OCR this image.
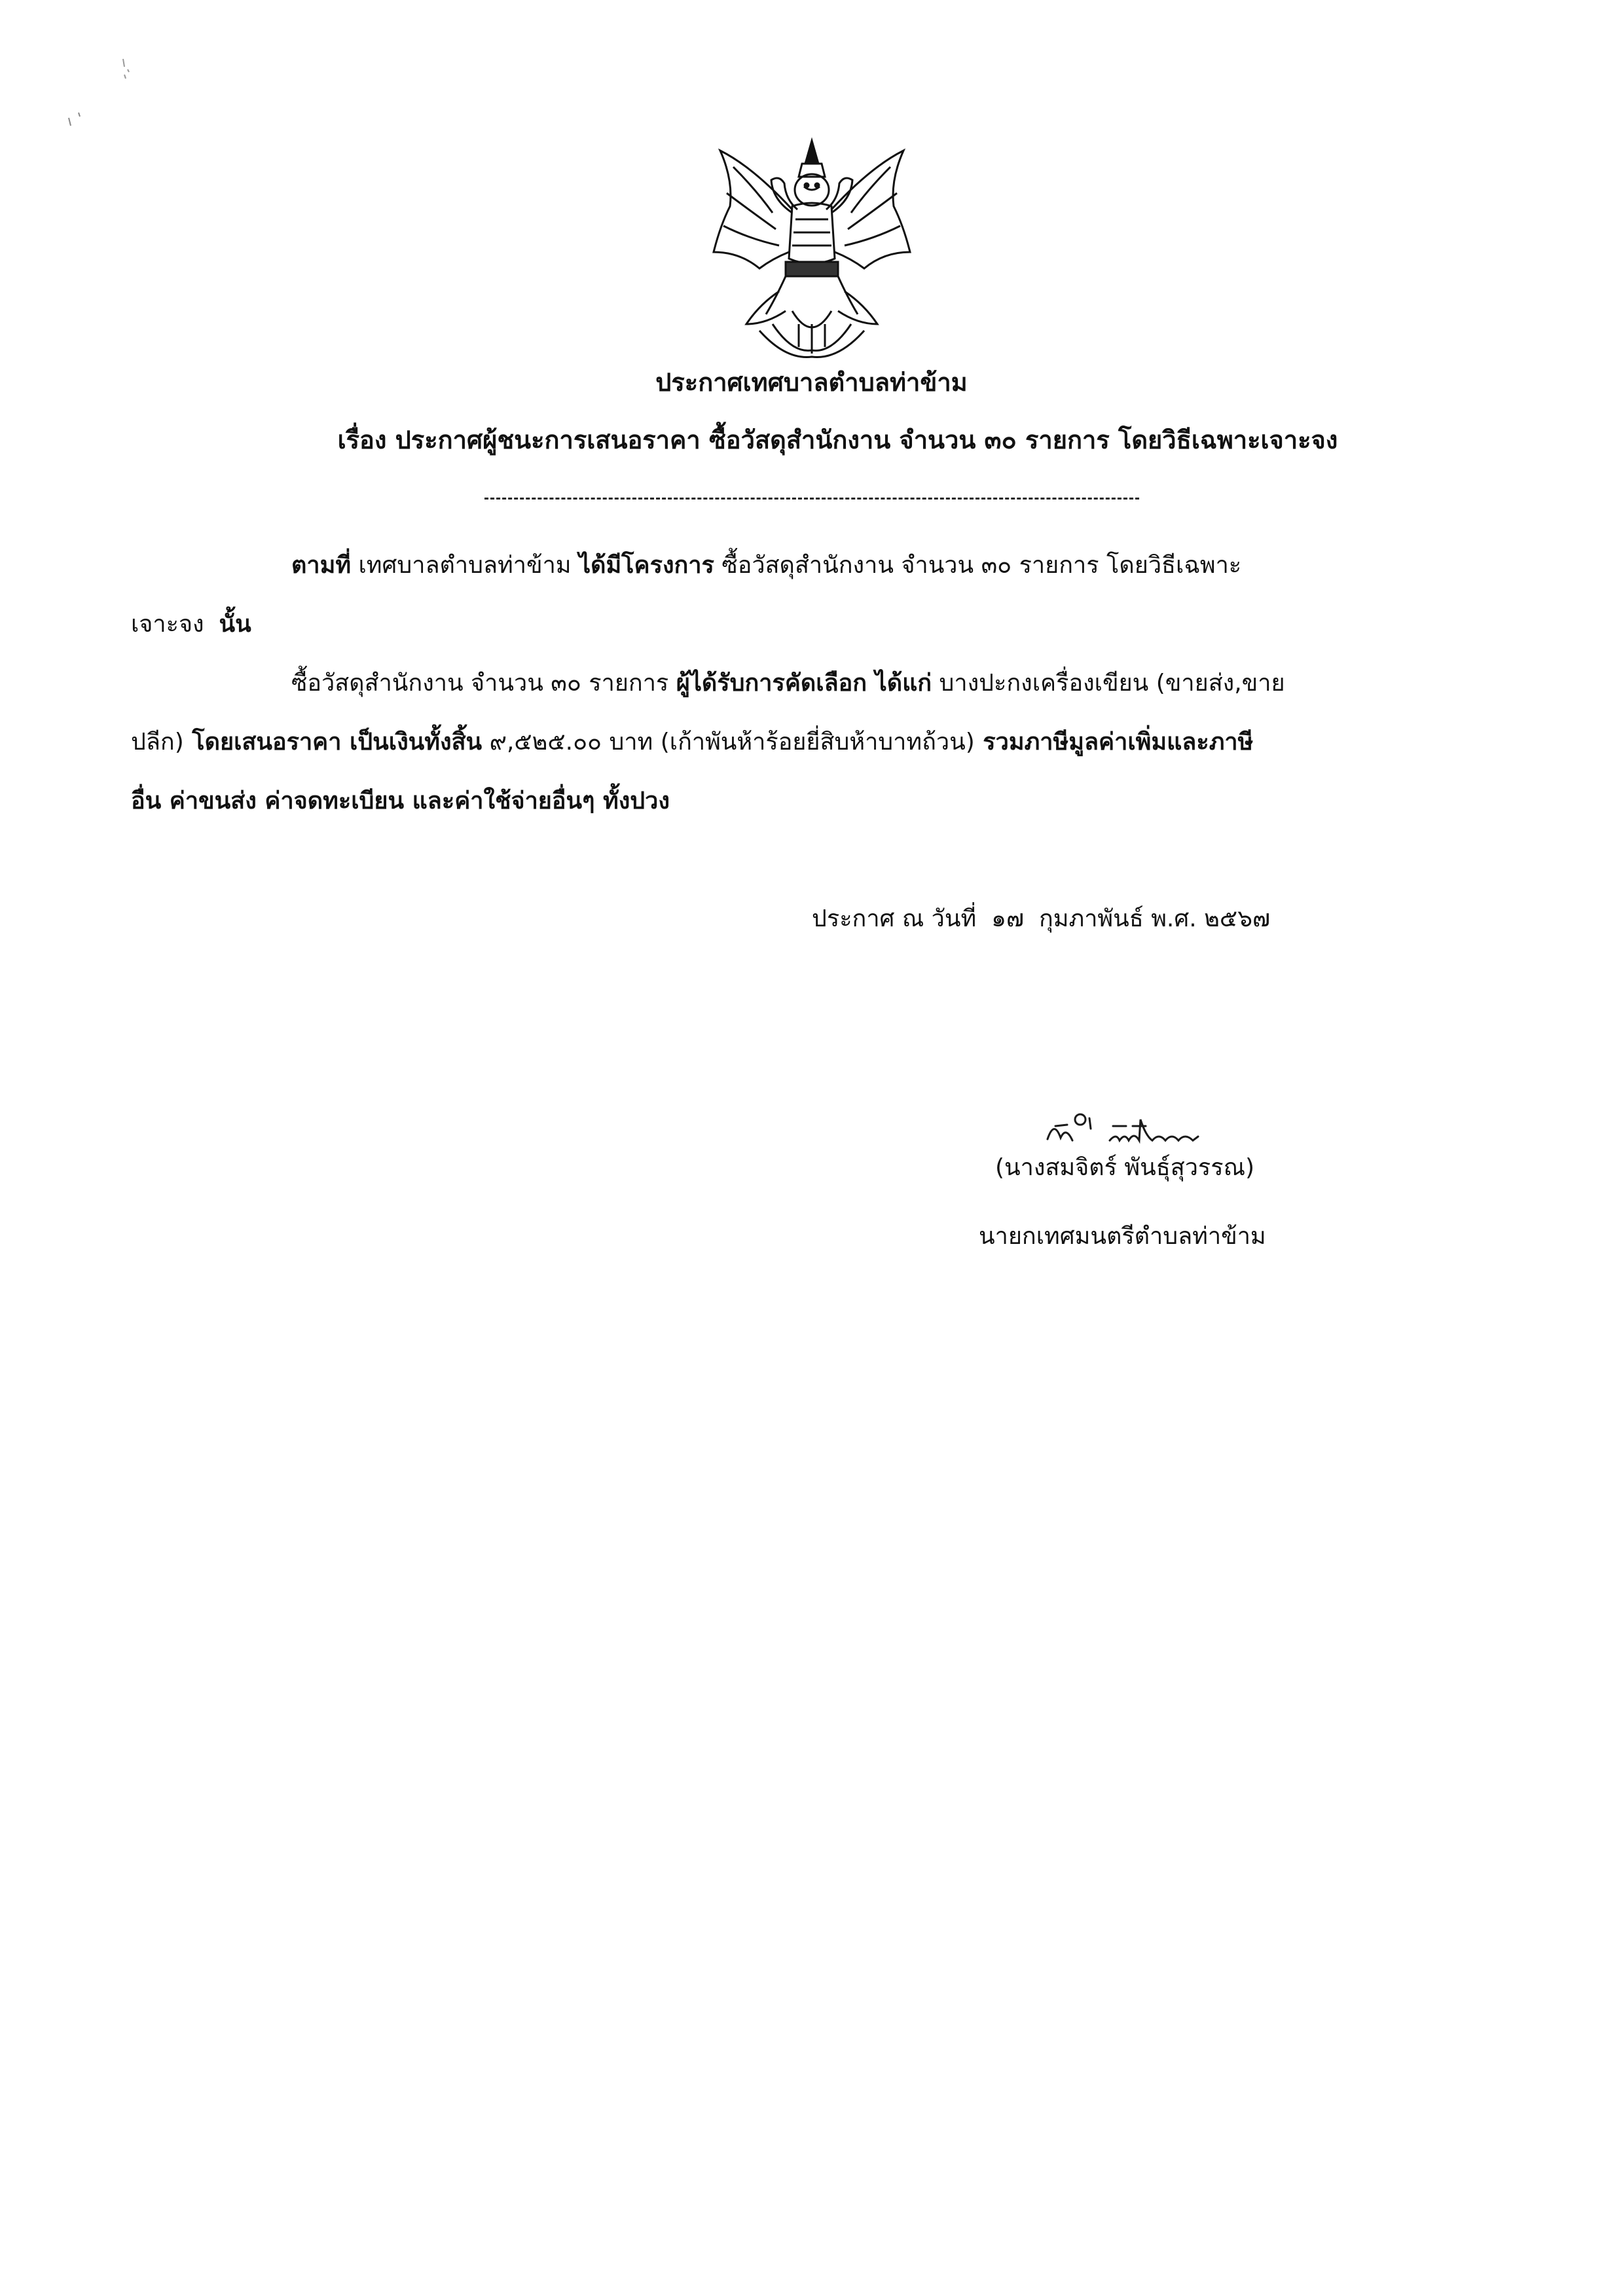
ประกาศเทศบาลตำบลท่าข้าม
เรื่อง ประกาศผู้ชนะการเสนอราคา ซื้อวัสดุสำนักงาน จำนวน ๓๐ รายการ โดยวิธีเฉพาะเจาะจง
ตามที่ เทศบาลตำบลท่าข้าม ได้มีโครงการ ซื้อวัสดุสำนักงาน จำนวน ๓๐ รายการ โดยวิธีเฉพาะ
เจาะจง นั้น
ซื้อวัสดุสำนักงาน จำนวน ๓๐ รายการ ผู้ได้รับการคัดเลือก ได้แก่ บางปะกงเครื่องเขียน (ขายส่ง,ขาย
ปลีก) โดยเสนอราคา เป็นเงินทั้งสิ้น ๙,๕๒๕.๐๐ บาท (เก้าพันห้าร้อยยี่สิบห้าบาทถ้วน) รวมภาษีมูลค่าเพิ่มและภาษี
อื่น ค่าขนส่ง ค่าจดทะเบียน และค่าใช้จ่ายอื่นๆ ทั้งปวง
ประกาศ ณ วันที่ ๑๗ กุมภาพันธ์ พ.ศ. ๒๕๖๗
(นางสมจิตร์ พันธุ์สุวรรณ)
นายกเทศมนตรีตำบลท่าข้าม
